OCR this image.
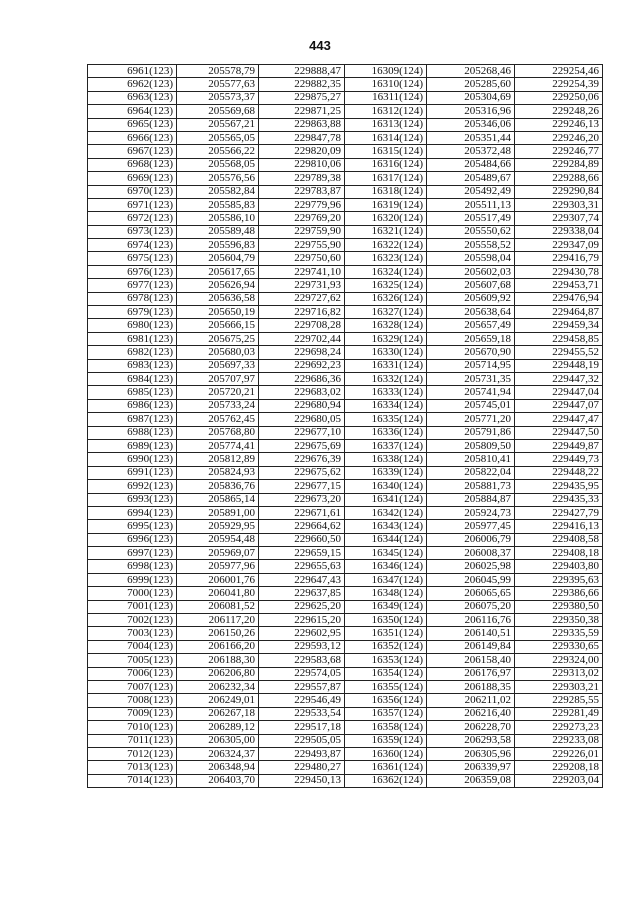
443
6961(123)	205578,79	229888,47	16309(124)	205268,46	229254,46
6962(123)	205577,63	229882,35	16310(124)	205285,60	229254,39
6963(123)	205573,37	229875,27	16311(124)	205304,69	229250,06
6964(123)	205569,68	229871,25	16312(124)	205316,96	229248,26
6965(123)	205567,21	229863,88	16313(124)	205346,06	229246,13
6966(123)	205565,05	229847,78	16314(124)	205351,44	229246,20
6967(123)	205566,22	229820,09	16315(124)	205372,48	229246,77
6968(123)	205568,05	229810,06	16316(124)	205484,66	229284,89
6969(123)	205576,56	229789,38	16317(124)	205489,67	229288,66
6970(123)	205582,84	229783,87	16318(124)	205492,49	229290,84
6971(123)	205585,83	229779,96	16319(124)	205511,13	229303,31
6972(123)	205586,10	229769,20	16320(124)	205517,49	229307,74
6973(123)	205589,48	229759,90	16321(124)	205550,62	229338,04
6974(123)	205596,83	229755,90	16322(124)	205558,52	229347,09
6975(123)	205604,79	229750,60	16323(124)	205598,04	229416,79
6976(123)	205617,65	229741,10	16324(124)	205602,03	229430,78
6977(123)	205626,94	229731,93	16325(124)	205607,68	229453,71
6978(123)	205636,58	229727,62	16326(124)	205609,92	229476,94
6979(123)	205650,19	229716,82	16327(124)	205638,64	229464,87
6980(123)	205666,15	229708,28	16328(124)	205657,49	229459,34
6981(123)	205675,25	229702,44	16329(124)	205659,18	229458,85
6982(123)	205680,03	229698,24	16330(124)	205670,90	229455,52
6983(123)	205697,33	229692,23	16331(124)	205714,95	229448,19
6984(123)	205707,97	229686,36	16332(124)	205731,35	229447,32
6985(123)	205720,21	229683,02	16333(124)	205741,94	229447,04
6986(123)	205733,24	229680,94	16334(124)	205745,01	229447,07
6987(123)	205762,45	229680,05	16335(124)	205771,20	229447,47
6988(123)	205768,80	229677,10	16336(124)	205791,86	229447,50
6989(123)	205774,41	229675,69	16337(124)	205809,50	229449,87
6990(123)	205812,89	229676,39	16338(124)	205810,41	229449,73
6991(123)	205824,93	229675,62	16339(124)	205822,04	229448,22
6992(123)	205836,76	229677,15	16340(124)	205881,73	229435,95
6993(123)	205865,14	229673,20	16341(124)	205884,87	229435,33
6994(123)	205891,00	229671,61	16342(124)	205924,73	229427,79
6995(123)	205929,95	229664,62	16343(124)	205977,45	229416,13
6996(123)	205954,48	229660,50	16344(124)	206006,79	229408,58
6997(123)	205969,07	229659,15	16345(124)	206008,37	229408,18
6998(123)	205977,96	229655,63	16346(124)	206025,98	229403,80
6999(123)	206001,76	229647,43	16347(124)	206045,99	229395,63
7000(123)	206041,80	229637,85	16348(124)	206065,65	229386,66
7001(123)	206081,52	229625,20	16349(124)	206075,20	229380,50
7002(123)	206117,20	229615,20	16350(124)	206116,76	229350,38
7003(123)	206150,26	229602,95	16351(124)	206140,51	229335,59
7004(123)	206166,20	229593,12	16352(124)	206149,84	229330,65
7005(123)	206188,30	229583,68	16353(124)	206158,40	229324,00
7006(123)	206206,80	229574,05	16354(124)	206176,97	229313,02
7007(123)	206232,34	229557,87	16355(124)	206188,35	229303,21
7008(123)	206249,01	229546,49	16356(124)	206211,02	229285,55
7009(123)	206267,18	229533,54	16357(124)	206216,40	229281,49
7010(123)	206289,12	229517,18	16358(124)	206228,70	229273,23
7011(123)	206305,00	229505,05	16359(124)	206293,58	229233,08
7012(123)	206324,37	229493,87	16360(124)	206305,96	229226,01
7013(123)	206348,94	229480,27	16361(124)	206339,97	229208,18
7014(123)	206403,70	229450,13	16362(124)	206359,08	229203,04
